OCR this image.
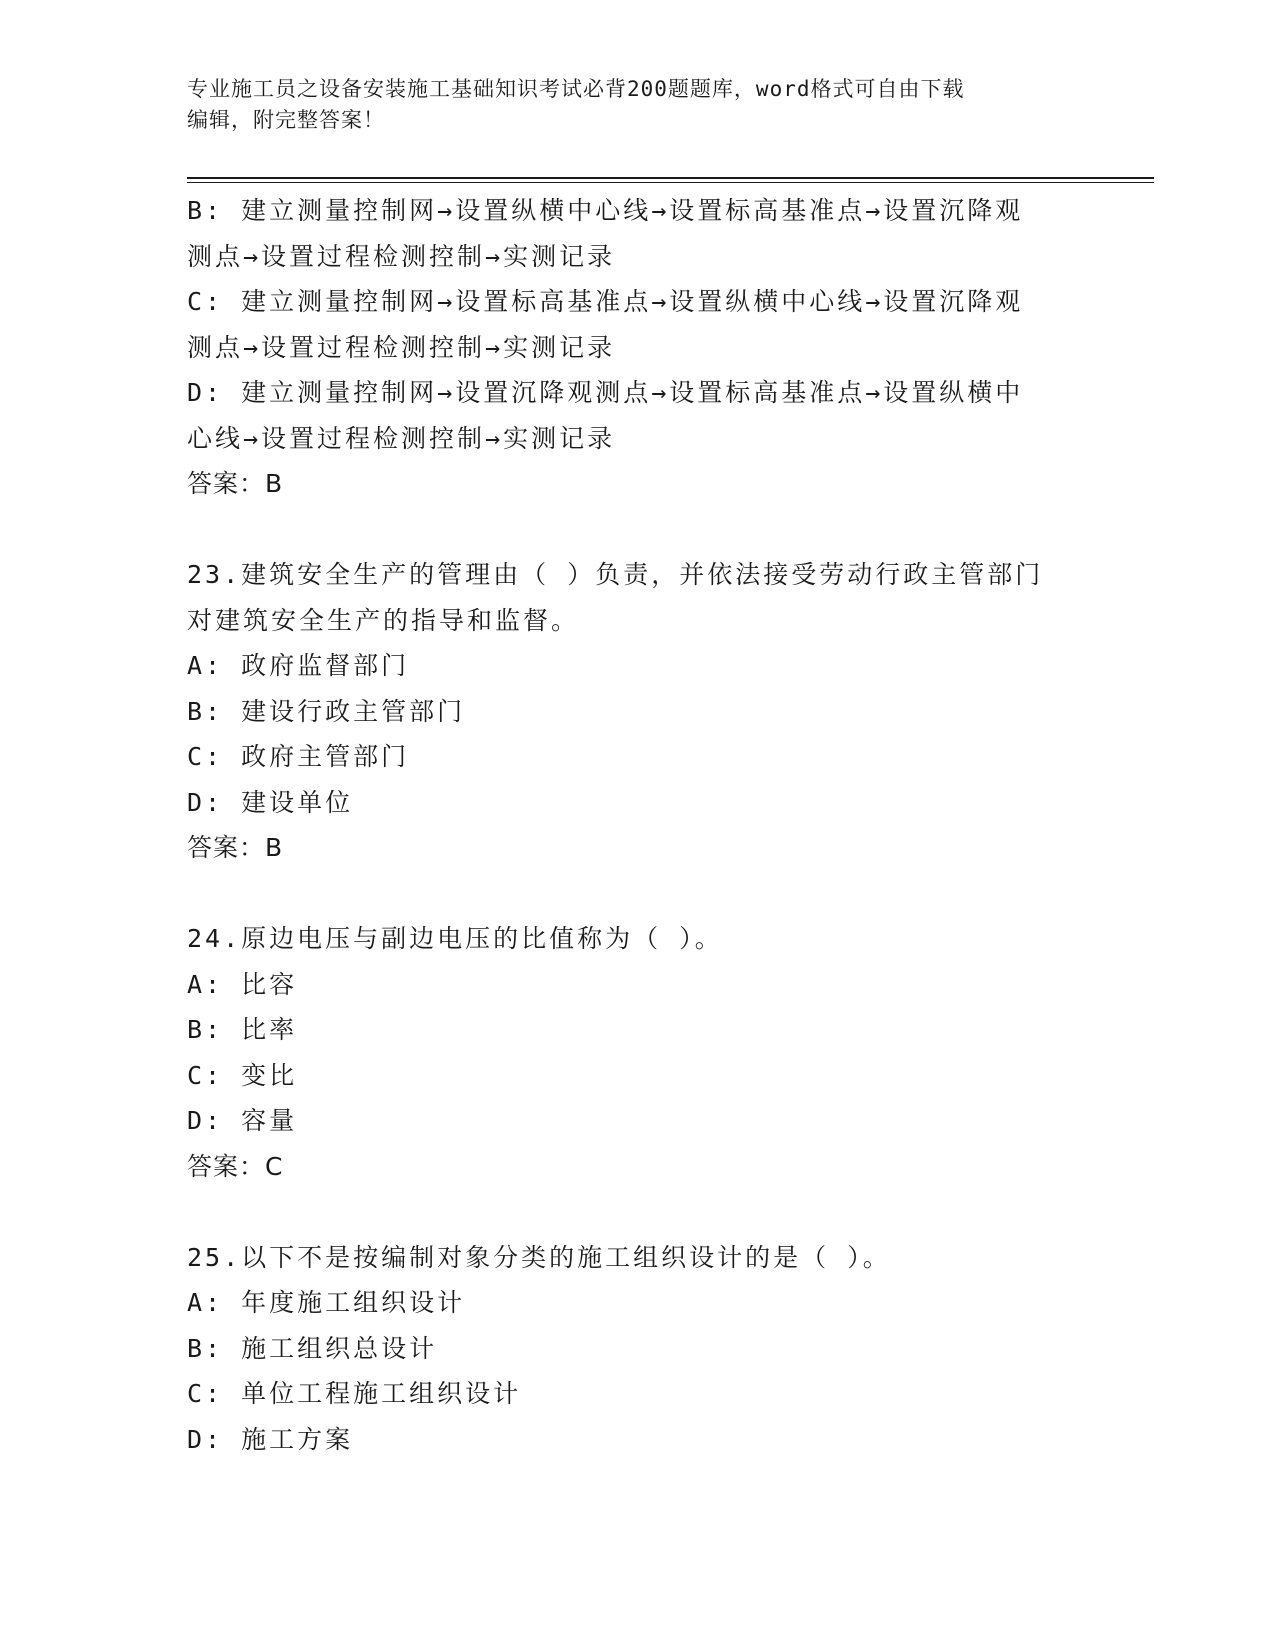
专业施工员之设备安装施工基础知识考试必背200题题库，word格式可自由下载
编辑，附完整答案！
B: 建立测量控制网→设置纵横中心线→设置标高基准点→设置沉降观
测点→设置过程检测控制→实测记录
C: 建立测量控制网→设置标高基准点→设置纵横中心线→设置沉降观
测点→设置过程检测控制→实测记录
D: 建立测量控制网→设置沉降观测点→设置标高基准点→设置纵横中
心线→设置过程检测控制→实测记录
答案：B
23.建筑安全生产的管理由（ ）负责，并依法接受劳动行政主管部门
对建筑安全生产的指导和监督。
A: 政府监督部门
B: 建设行政主管部门
C: 政府主管部门
D: 建设单位
答案：B
24.原边电压与副边电压的比值称为（ ）。
A: 比容
B: 比率
C: 变比
D: 容量
答案：C
25.以下不是按编制对象分类的施工组织设计的是（ ）。
A: 年度施工组织设计
B: 施工组织总设计
C: 单位工程施工组织设计
D: 施工方案
